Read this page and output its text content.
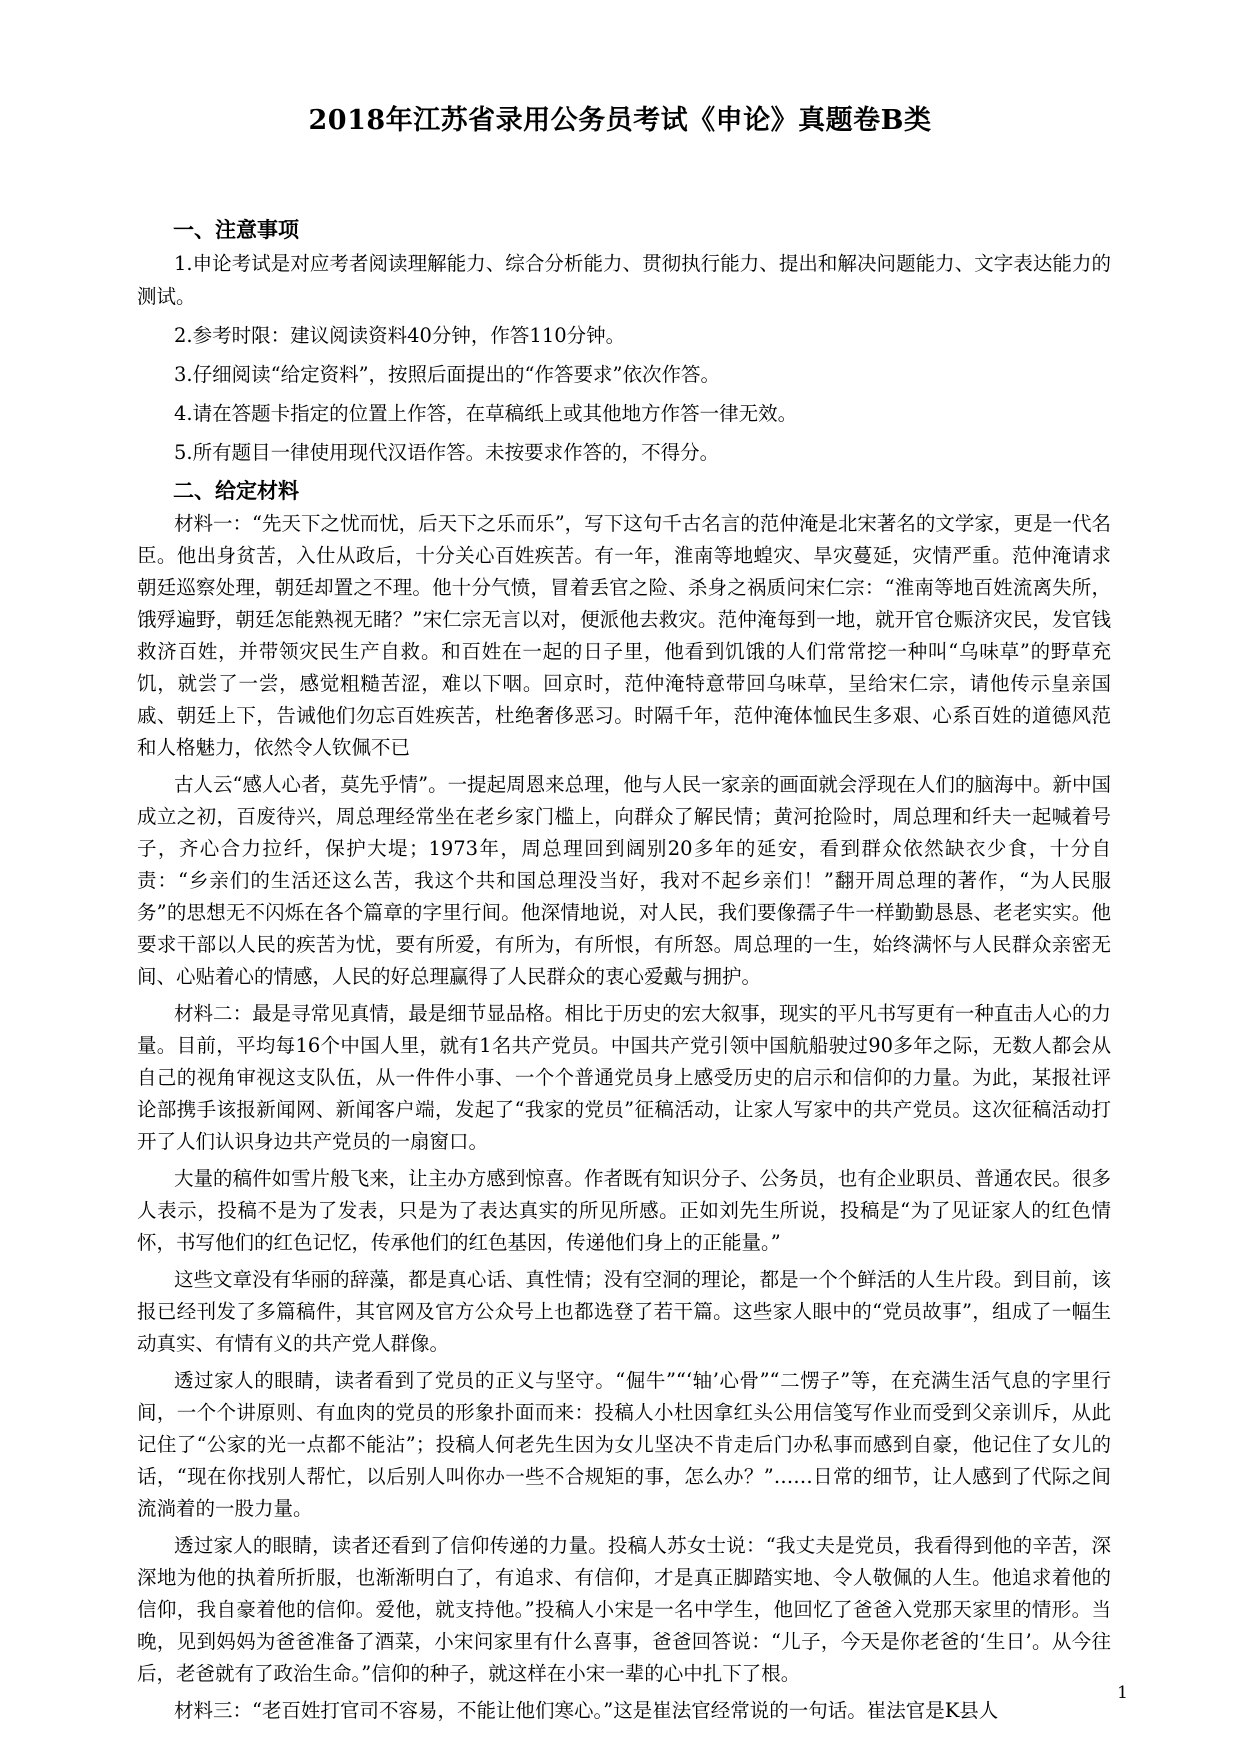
2018年江苏省录用公务员考试《申论》真题卷B类
一、注意事项

1.申论考试是对应考者阅读理解能力、综合分析能力、贯彻执行能力、提出和解决问题能力、文字表达能力的测试。

2.参考时限：建议阅读资料40分钟，作答110分钟。

3.仔细阅读“给定资料”，按照后面提出的“作答要求”依次作答。

4.请在答题卡指定的位置上作答，在草稿纸上或其他地方作答一律无效。

5.所有题目一律使用现代汉语作答。未按要求作答的，不得分。

二、给定材料

材料一：“先天下之忧而忧，后天下之乐而乐”，写下这句千古名言的范仲淹是北宋著名的文学家，更是一代名臣。他出身贫苦，入仕从政后，十分关心百姓疾苦。有一年，淮南等地蝗灾、旱灾蔓延，灾情严重。范仲淹请求朝廷巡察处理，朝廷却置之不理。他十分气愤，冒着丢官之险、杀身之祸质问宋仁宗：“淮南等地百姓流离失所，饿殍遍野，朝廷怎能熟视无睹？”宋仁宗无言以对，便派他去救灾。范仲淹每到一地，就开官仓赈济灾民，发官钱救济百姓，并带领灾民生产自救。和百姓在一起的日子里，他看到饥饿的人们常常挖一种叫“乌味草”的野草充饥，就尝了一尝，感觉粗糙苦涩，难以下咽。回京时，范仲淹特意带回乌味草，呈给宋仁宗，请他传示皇亲国戚、朝廷上下，告诫他们勿忘百姓疾苦，杜绝奢侈恶习。时隔千年，范仲淹体恤民生多艰、心系百姓的道德风范和人格魅力，依然令人钦佩不已

古人云“感人心者，莫先乎情”。一提起周恩来总理，他与人民一家亲的画面就会浮现在人们的脑海中。新中国成立之初，百废待兴，周总理经常坐在老乡家门槛上，向群众了解民情；黄河抢险时，周总理和纤夫一起喊着号子，齐心合力拉纤，保护大堤；1973年，周总理回到阔别20多年的延安，看到群众依然缺衣少食，十分自责：“乡亲们的生活还这么苦，我这个共和国总理没当好，我对不起乡亲们！”翻开周总理的著作，“为人民服务”的思想无不闪烁在各个篇章的字里行间。他深情地说，对人民，我们要像孺子牛一样勤勤恳恳、老老实实。他要求干部以人民的疾苦为忧，要有所爱，有所为，有所恨，有所怒。周总理的一生，始终满怀与人民群众亲密无间、心贴着心的情感，人民的好总理赢得了人民群众的衷心爱戴与拥护。

材料二：最是寻常见真情，最是细节显品格。相比于历史的宏大叙事，现实的平凡书写更有一种直击人心的力量。目前，平均每16个中国人里，就有1名共产党员。中国共产党引领中国航船驶过90多年之际，无数人都会从自己的视角审视这支队伍，从一件件小事、一个个普通党员身上感受历史的启示和信仰的力量。为此，某报社评论部携手该报新闻网、新闻客户端，发起了“我家的党员”征稿活动，让家人写家中的共产党员。这次征稿活动打开了人们认识身边共产党员的一扇窗口。

大量的稿件如雪片般飞来，让主办方感到惊喜。作者既有知识分子、公务员，也有企业职员、普通农民。很多人表示，投稿不是为了发表，只是为了表达真实的所见所感。正如刘先生所说，投稿是“为了见证家人的红色情怀，书写他们的红色记忆，传承他们的红色基因，传递他们身上的正能量。”

这些文章没有华丽的辞藻，都是真心话、真性情；没有空洞的理论，都是一个个鲜活的人生片段。到目前，该报已经刊发了多篇稿件，其官网及官方公众号上也都选登了若干篇。这些家人眼中的“党员故事”，组成了一幅生动真实、有情有义的共产党人群像。

透过家人的眼睛，读者看到了党员的正义与坚守。“倔牛”“‘轴’心骨”“二愣子”等，在充满生活气息的字里行间，一个个讲原则、有血肉的党员的形象扑面而来：投稿人小杜因拿红头公用信笺写作业而受到父亲训斥，从此记住了“公家的光一点都不能沾”；投稿人何老先生因为女儿坚决不肯走后门办私事而感到自豪，他记住了女儿的话，“现在你找别人帮忙，以后别人叫你办一些不合规矩的事，怎么办？”……日常的细节，让人感到了代际之间流淌着的一股力量。

透过家人的眼睛，读者还看到了信仰传递的力量。投稿人苏女士说：“我丈夫是党员，我看得到他的辛苦，深深地为他的执着所折服，也渐渐明白了，有追求、有信仰，才是真正脚踏实地、令人敬佩的人生。他追求着他的信仰，我自豪着他的信仰。爱他，就支持他。”投稿人小宋是一名中学生，他回忆了爸爸入党那天家里的情形。当晚，见到妈妈为爸爸准备了酒菜，小宋问家里有什么喜事，爸爸回答说：“儿子，今天是你老爸的‘生日’。从今往后，老爸就有了政治生命。”信仰的种子，就这样在小宋一辈的心中扎下了根。

材料三：“老百姓打官司不容易，不能让他们寒心。”这是崔法官经常说的一句话。崔法官是K县人

1
